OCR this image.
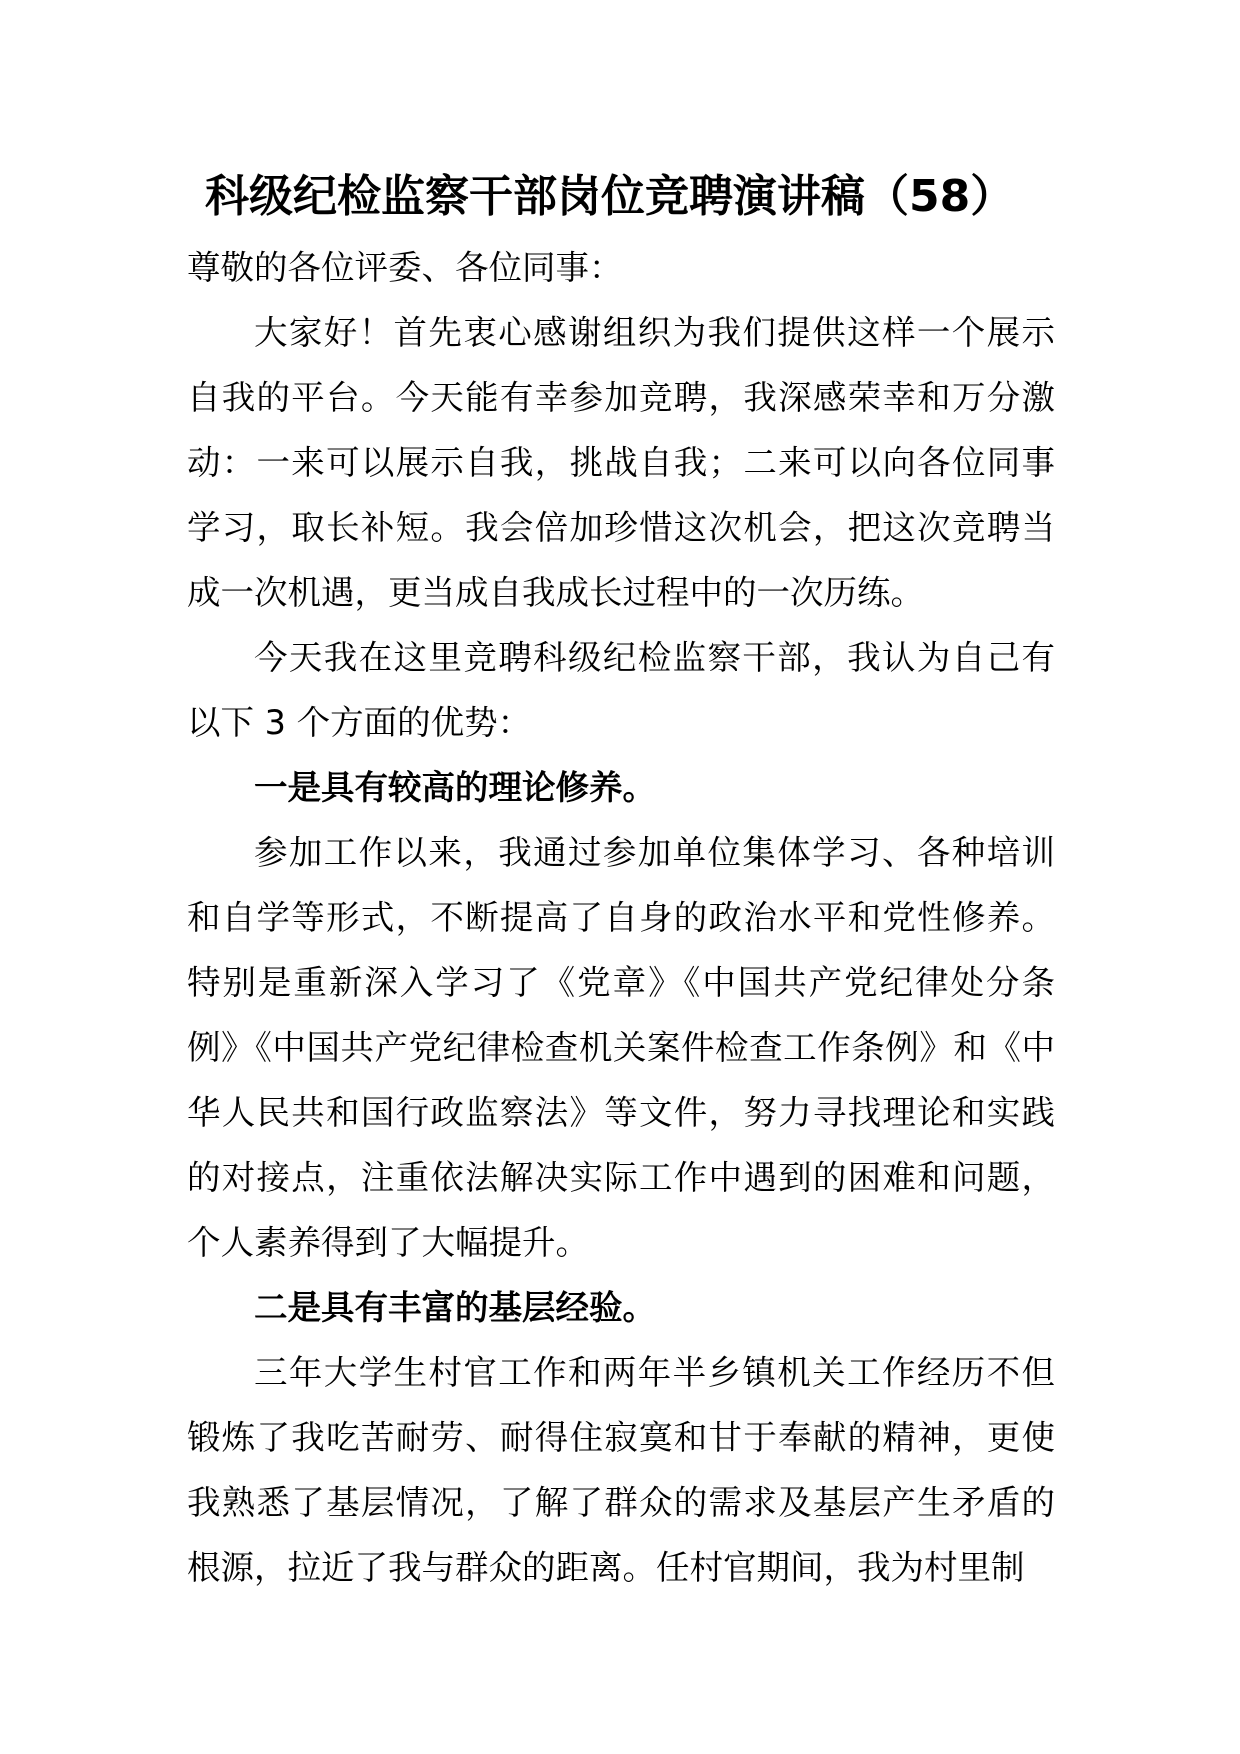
科级纪检监察干部岗位竞聘演讲稿（58）

尊敬的各位评委、各位同事：

大家好！首先衷心感谢组织为我们提供这样一个展示自我的平台。今天能有幸参加竞聘，我深感荣幸和万分激动：一来可以展示自我，挑战自我；二来可以向各位同事学习，取长补短。我会倍加珍惜这次机会，把这次竞聘当成一次机遇，更当成自我成长过程中的一次历练。

今天我在这里竞聘科级纪检监察干部，我认为自己有以下 3 个方面的优势：

一是具有较高的理论修养。

参加工作以来，我通过参加单位集体学习、各种培训和自学等形式，不断提高了自身的政治水平和党性修养。特别是重新深入学习了《党章》《中国共产党纪律处分条例》《中国共产党纪律检查机关案件检查工作条例》和《中华人民共和国行政监察法》等文件，努力寻找理论和实践的对接点，注重依法解决实际工作中遇到的困难和问题，个人素养得到了大幅提升。

二是具有丰富的基层经验。

三年大学生村官工作和两年半乡镇机关工作经历不但锻炼了我吃苦耐劳、耐得住寂寞和甘于奉献的精神，更使我熟悉了基层情况，了解了群众的需求及基层产生矛盾的根源，拉近了我与群众的距离。任村官期间，我为村里制
